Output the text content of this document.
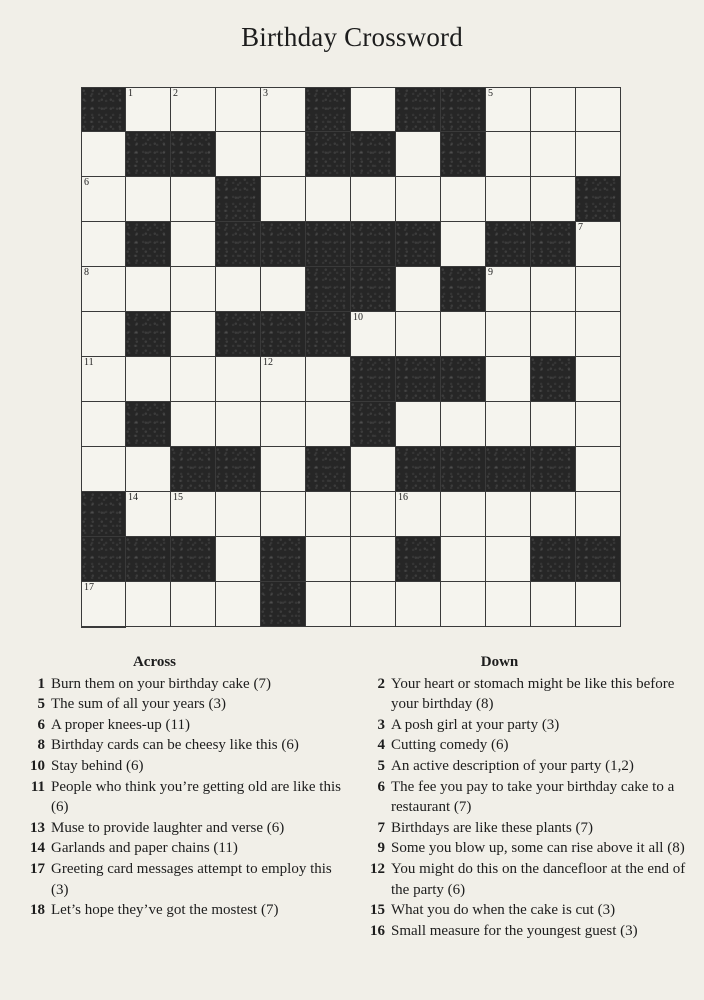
Birthday Crossword
1	2	3	5
6
7
8	9
10
11	12
14	15	16
17
Across
1 Burn them on your birthday cake (7)
5 The sum of all your years (3)
6 A proper knees-up (11)
8 Birthday cards can be cheesy like this (6)
10 Stay behind (6)
11 People who think you’re getting old are like this (6)
13 Muse to provide laughter and verse (6)
14 Garlands and paper chains (11)
17 Greeting card messages attempt to employ this (3)
18 Let’s hope they’ve got the mostest (7)
Down
2 Your heart or stomach might be like this before your birthday (8)
3 A posh girl at your party (3)
4 Cutting comedy (6)
5 An active description of your party (1,2)
6 The fee you pay to take your birthday cake to a restaurant (7)
7 Birthdays are like these plants (7)
9 Some you blow up, some can rise above it all (8)
12 You might do this on the dancefloor at the end of the party (6)
15 What you do when the cake is cut (3)
16 Small measure for the youngest guest (3)
